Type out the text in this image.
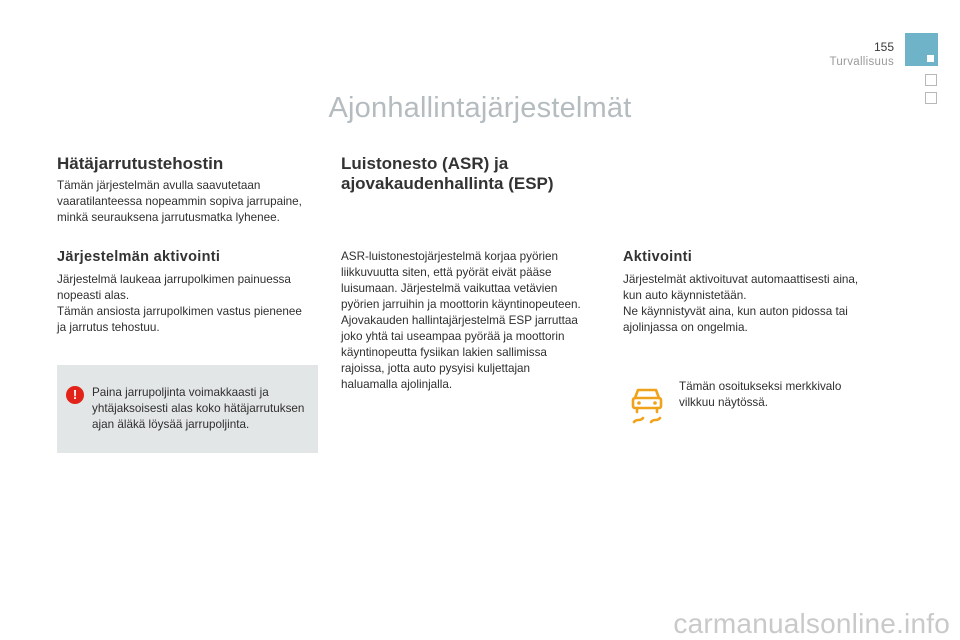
155
Turvallisuus
Ajonhallintajärjestelmät
Hätäjarrutustehostin
Tämän järjestelmän avulla saavutetaan
vaaratilanteessa nopeammin sopiva jarrupaine,
minkä seurauksena jarrutusmatka lyhenee.
Järjestelmän aktivointi
Järjestelmä laukeaa jarrupolkimen painuessa
nopeasti alas.
Tämän ansiosta jarrupolkimen vastus pienenee
ja jarrutus tehostuu.
!	Paina jarrupoljinta voimakkaasti ja
yhtäjaksoisesti alas koko hätäjarrutuksen
ajan äläkä löysää jarrupoljinta.
Luistonesto (ASR) ja
ajovakaudenhallinta (ESP)
ASR-luistonestojärjestelmä korjaa pyörien
liikkuvuutta siten, että pyörät eivät pääse
luisumaan. Järjestelmä vaikuttaa vetävien
pyörien jarruihin ja moottorin käyntinopeuteen.
Ajovakauden hallintajärjestelmä ESP jarruttaa
joko yhtä tai useampaa pyörää ja moottorin
käyntinopeutta fysiikan lakien sallimissa
rajoissa, jotta auto pysyisi kuljettajan
haluamalla ajolinjalla.
Aktivointi
Järjestelmät aktivoituvat automaattisesti aina,
kun auto käynnistetään.
Ne käynnistyvät aina, kun auton pidossa tai
ajolinjassa on ongelmia.
Tämän osoitukseksi merkkivalo
vilkkuu näytössä.
carmanualsonline.info
